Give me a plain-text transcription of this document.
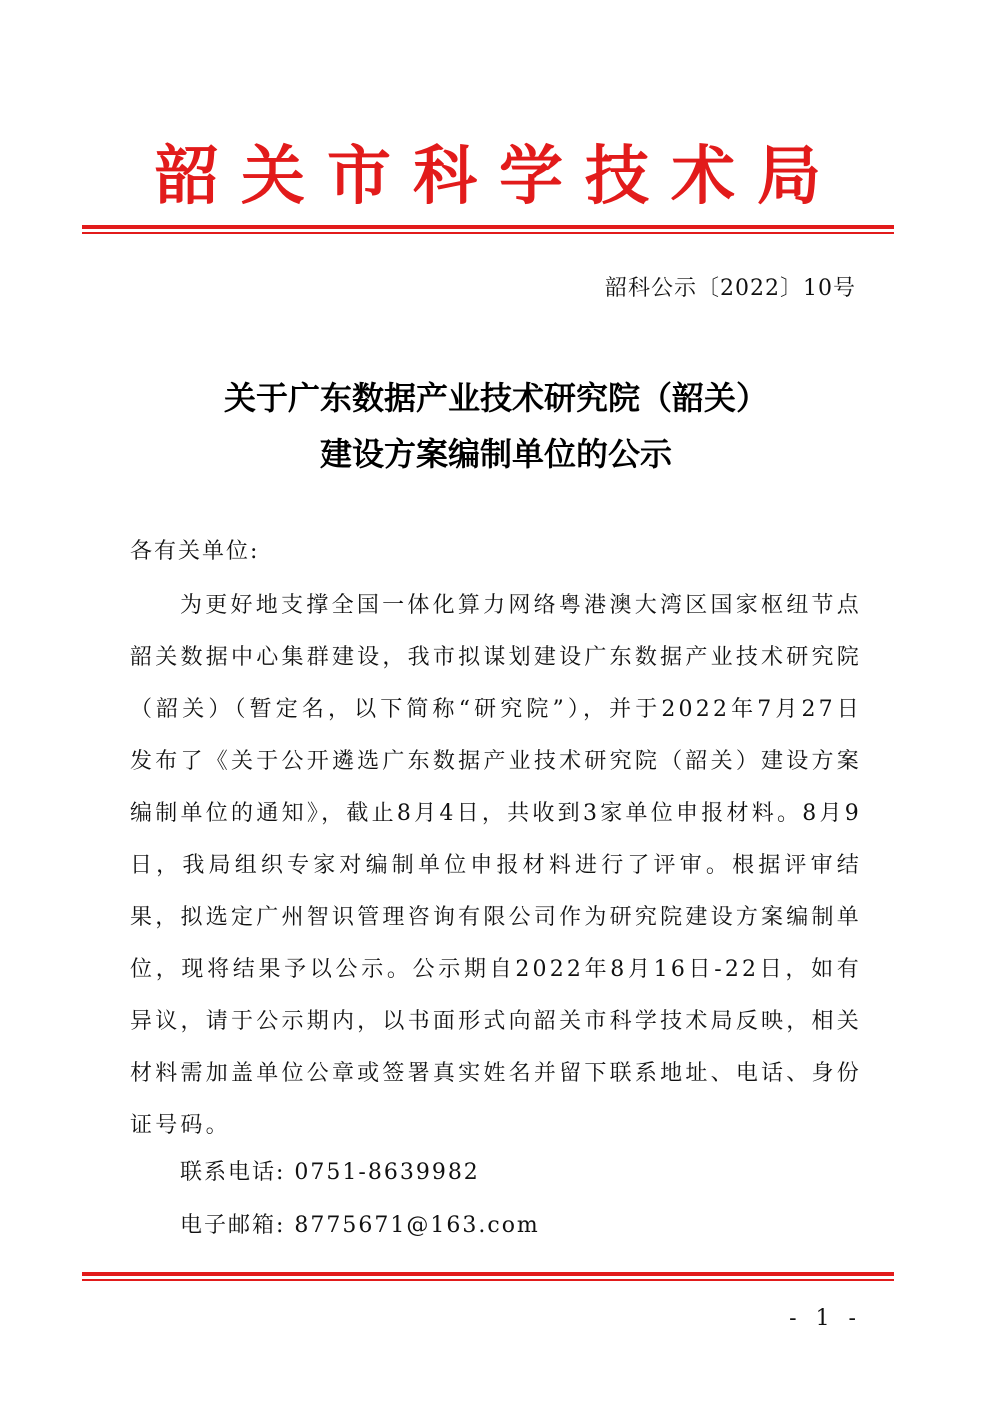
韶关市科学技术局
韶科公示〔2022〕10号
关于广东数据产业技术研究院（韶关）
建设方案编制单位的公示
各有关单位:

为更好地支撑全国一体化算力网络粤港澳大湾区国家枢纽节点韶关数据中心集群建设，我市拟谋划建设广东数据产业技术研究院（韶关）（暂定名，以下简称“研究院”），并于2022年7月27日发布了《关于公开遴选广东数据产业技术研究院（韶关）建设方案编制单位的通知》，截止8月4日，共收到3家单位申报材料。8月9日，我局组织专家对编制单位申报材料进行了评审。根据评审结果，拟选定广州智识管理咨询有限公司作为研究院建设方案编制单位，现将结果予以公示。公示期自2022年8月16日-22日，如有异议，请于公示期内，以书面形式向韶关市科学技术局反映，相关材料需加盖单位公章或签署真实姓名并留下联系地址、电话、身份证号码。

联系电话: 0751-8639982
电子邮箱: 8775671@163.com
- 1 -
